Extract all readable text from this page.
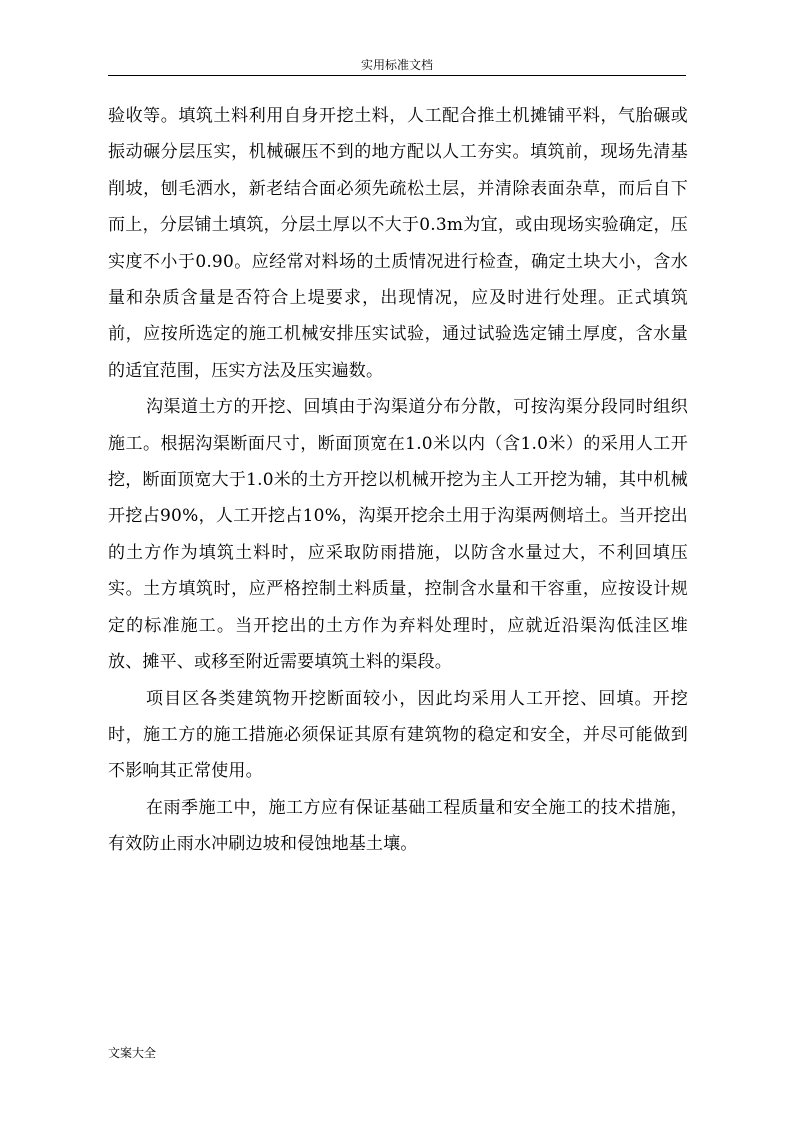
实用标准文档

验收等。填筑土料利用自身开挖土料，人工配合推土机摊铺平料，气胎碾或振动碾分层压实，机械碾压不到的地方配以人工夯实。填筑前，现场先清基削坡，刨毛洒水，新老结合面必须先疏松土层，并清除表面杂草，而后自下而上，分层铺土填筑，分层土厚以不大于0.3m为宜，或由现场实验确定，压实度不小于0.90。应经常对料场的土质情况进行检查，确定土块大小，含水量和杂质含量是否符合上堤要求，出现情况，应及时进行处理。正式填筑前，应按所选定的施工机械安排压实试验，通过试验选定铺土厚度，含水量的适宜范围，压实方法及压实遍数。

沟渠道土方的开挖、回填由于沟渠道分布分散，可按沟渠分段同时组织施工。根据沟渠断面尺寸，断面顶宽在1.0米以内（含1.0米）的采用人工开挖，断面顶宽大于1.0米的土方开挖以机械开挖为主人工开挖为辅，其中机械开挖占90%，人工开挖占10%，沟渠开挖余土用于沟渠两侧培土。当开挖出的土方作为填筑土料时，应采取防雨措施，以防含水量过大，不利回填压实。土方填筑时，应严格控制土料质量，控制含水量和干容重，应按设计规定的标准施工。当开挖出的土方作为弃料处理时，应就近沿渠沟低洼区堆放、摊平、或移至附近需要填筑土料的渠段。

项目区各类建筑物开挖断面较小，因此均采用人工开挖、回填。开挖时，施工方的施工措施必须保证其原有建筑物的稳定和安全，并尽可能做到不影响其正常使用。

在雨季施工中，施工方应有保证基础工程质量和安全施工的技术措施，有效防止雨水冲刷边坡和侵蚀地基土壤。

文案大全
